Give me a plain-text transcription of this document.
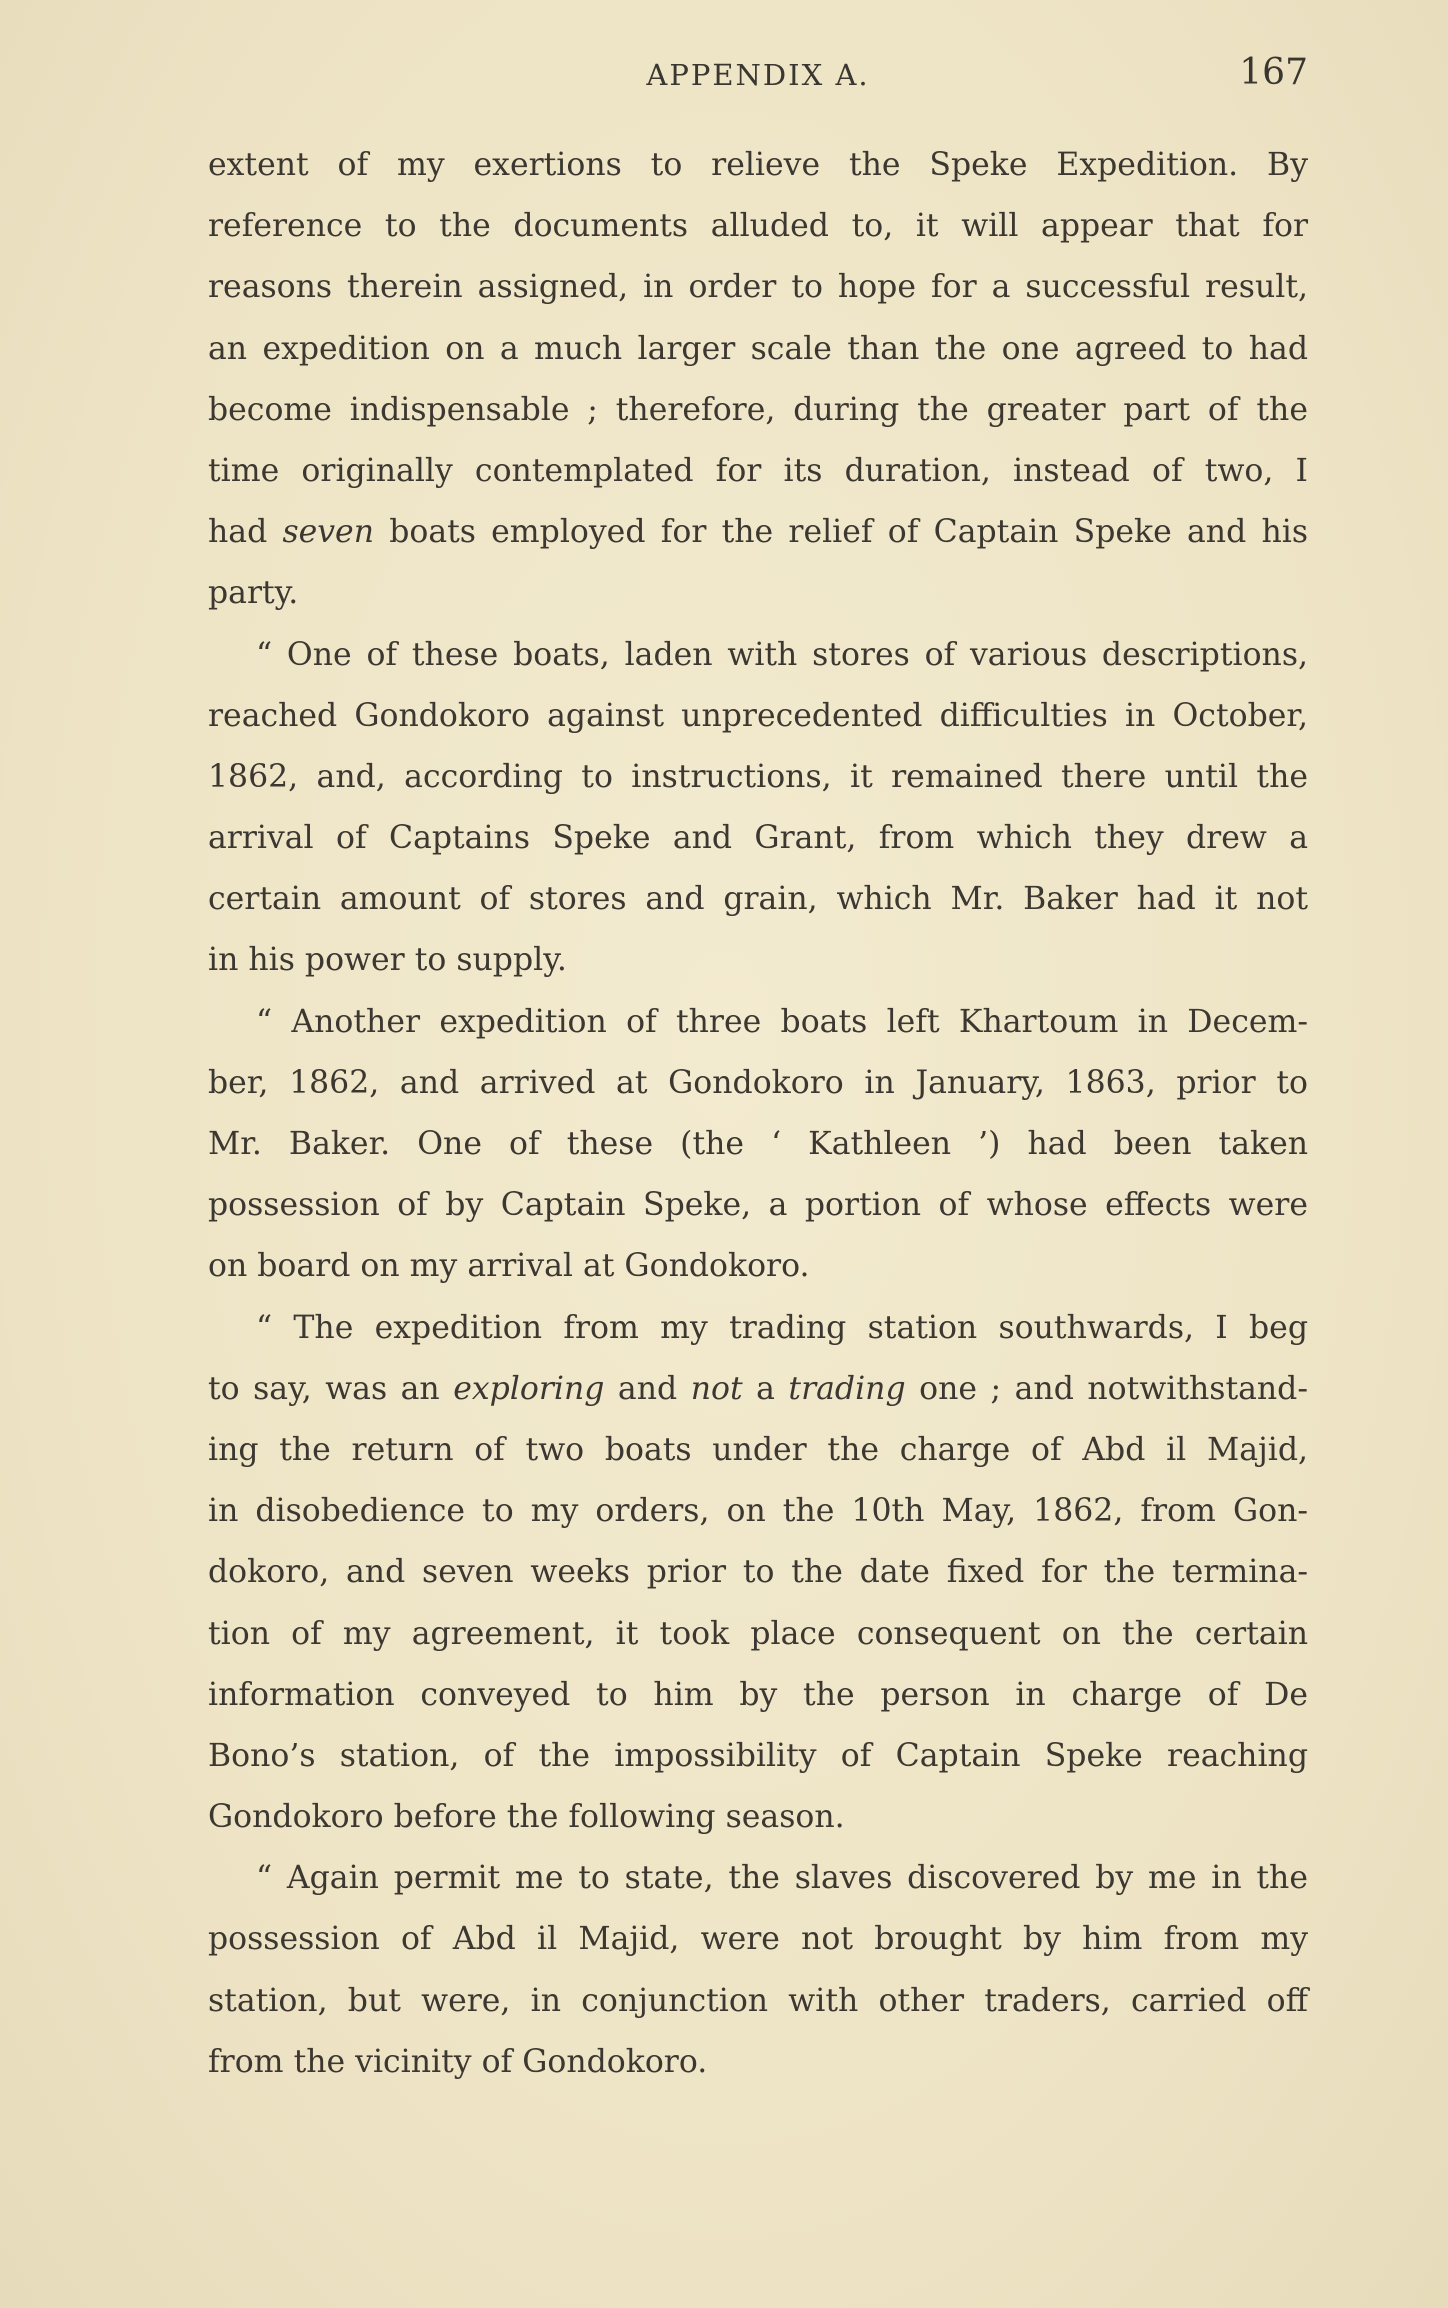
APPENDIX A.	167
extent of my exertions to relieve the Speke Expedition. By
reference to the documents alluded to, it will appear that for
reasons therein assigned, in order to hope for a successful result,
an expedition on a much larger scale than the one agreed to had
become indispensable ; therefore, during the greater part of the
time originally contemplated for its duration, instead of two, I
had seven boats employed for the relief of Captain Speke and his
party.
“ One of these boats, laden with stores of various descriptions,
reached Gondokoro against unprecedented difficulties in October,
1862, and, according to instructions, it remained there until the
arrival of Captains Speke and Grant, from which they drew a
certain amount of stores and grain, which Mr. Baker had it not
in his power to supply.
“ Another expedition of three boats left Khartoum in Decem-
ber, 1862, and arrived at Gondokoro in January, 1863, prior to
Mr. Baker. One of these (the ‘ Kathleen ’) had been taken
possession of by Captain Speke, a portion of whose effects were
on board on my arrival at Gondokoro.
“ The expedition from my trading station southwards, I beg
to say, was an exploring and not a trading one ; and notwithstand-
ing the return of two boats under the charge of Abd il Majid,
in disobedience to my orders, on the 10th May, 1862, from Gon-
dokoro, and seven weeks prior to the date fixed for the termina-
tion of my agreement, it took place consequent on the certain
information conveyed to him by the person in charge of De
Bono’s station, of the impossibility of Captain Speke reaching
Gondokoro before the following season.
“ Again permit me to state, the slaves discovered by me in the
possession of Abd il Majid, were not brought by him from my
station, but were, in conjunction with other traders, carried off
from the vicinity of Gondokoro.
